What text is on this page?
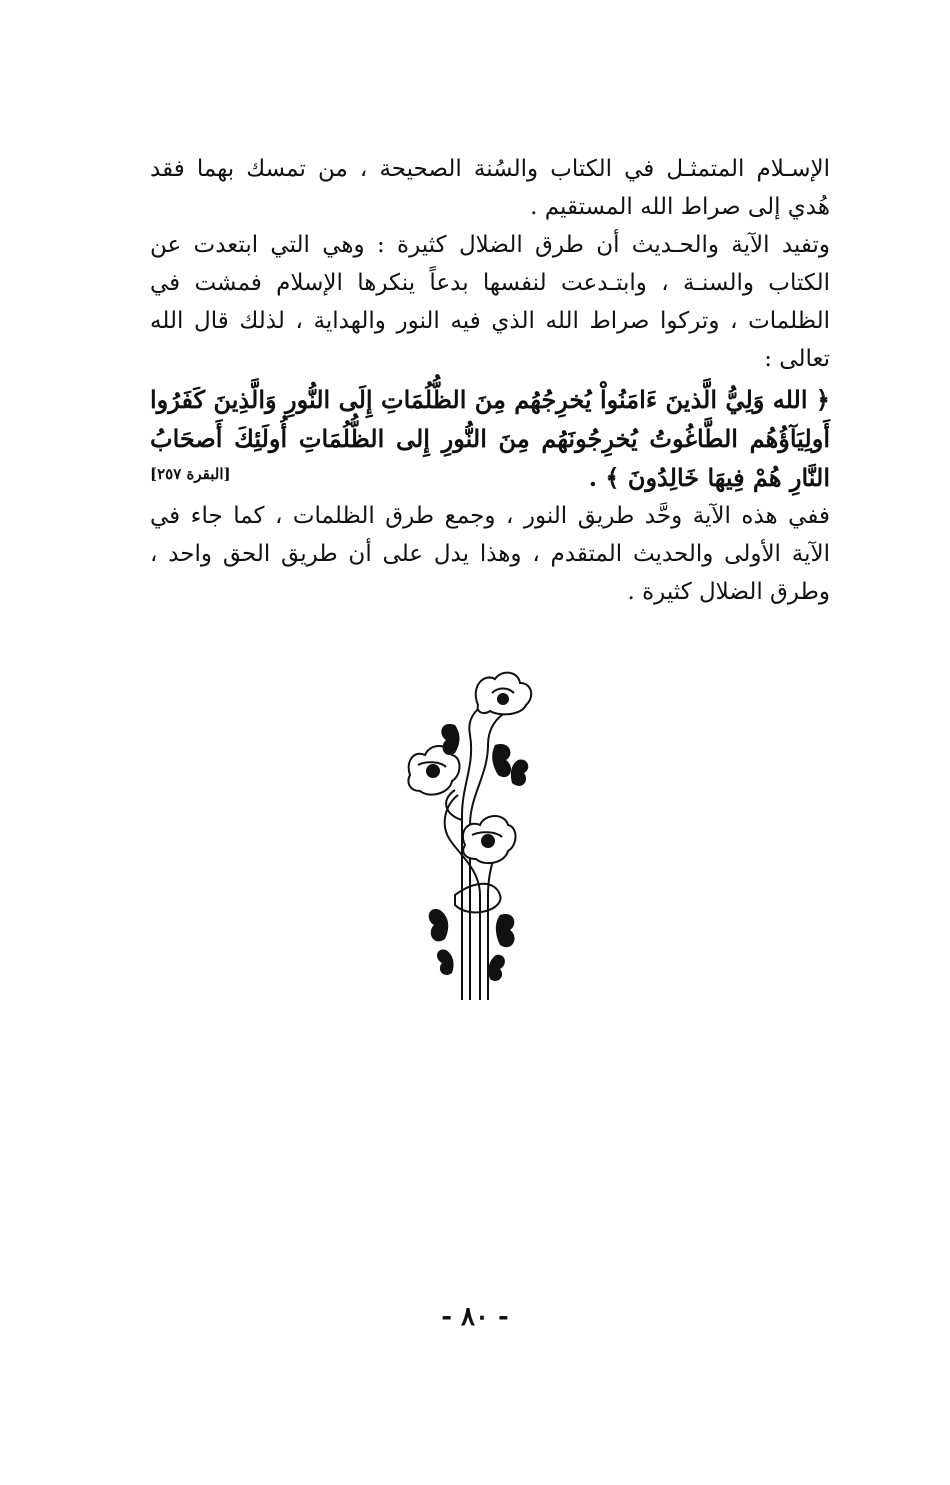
الإسـلام المتمثـل في الكتاب والسُنة الصحيحة ، من تمسك بهما فقد هُدي إلى صراط الله المستقيم .

وتفيد الآية والحـديث أن طرق الضلال كثيرة : وهي التي ابتعدت عن الكتاب والسنـة ، وابتـدعت لنفسها بدعاً ينكرها الإسلام فمشت في الظلمات ، وتركوا صراط الله الذي فيه النور والهداية ، لذلك قال الله تعالى :

﴿ الله وَلِيُّ الَّذينَ ءَامَنُواْ يُخرِجُهُم مِنَ الظُّلُمَاتِ إِلَى النُّورِ وَالَّذِينَ كَفَرُوا أَولِيَآؤُهُم الطَّاغُوتُ يُخرِجُونَهُم مِنَ النُّورِ إِلى الظُّلُمَاتِ أُولَئِكَ أَصحَابُ النَّارِ هُمْ فِيهَا خَالِدُونَ ﴾ .

[البقرة ٢٥٧]

ففي هذه الآية وحَّد طريق النور ، وجمع طرق الظلمات ، كما جاء في الآية الأولى والحديث المتقدم ، وهذا يدل على أن طريق الحق واحد ، وطرق الضلال كثيرة .

- ٨٠ -
